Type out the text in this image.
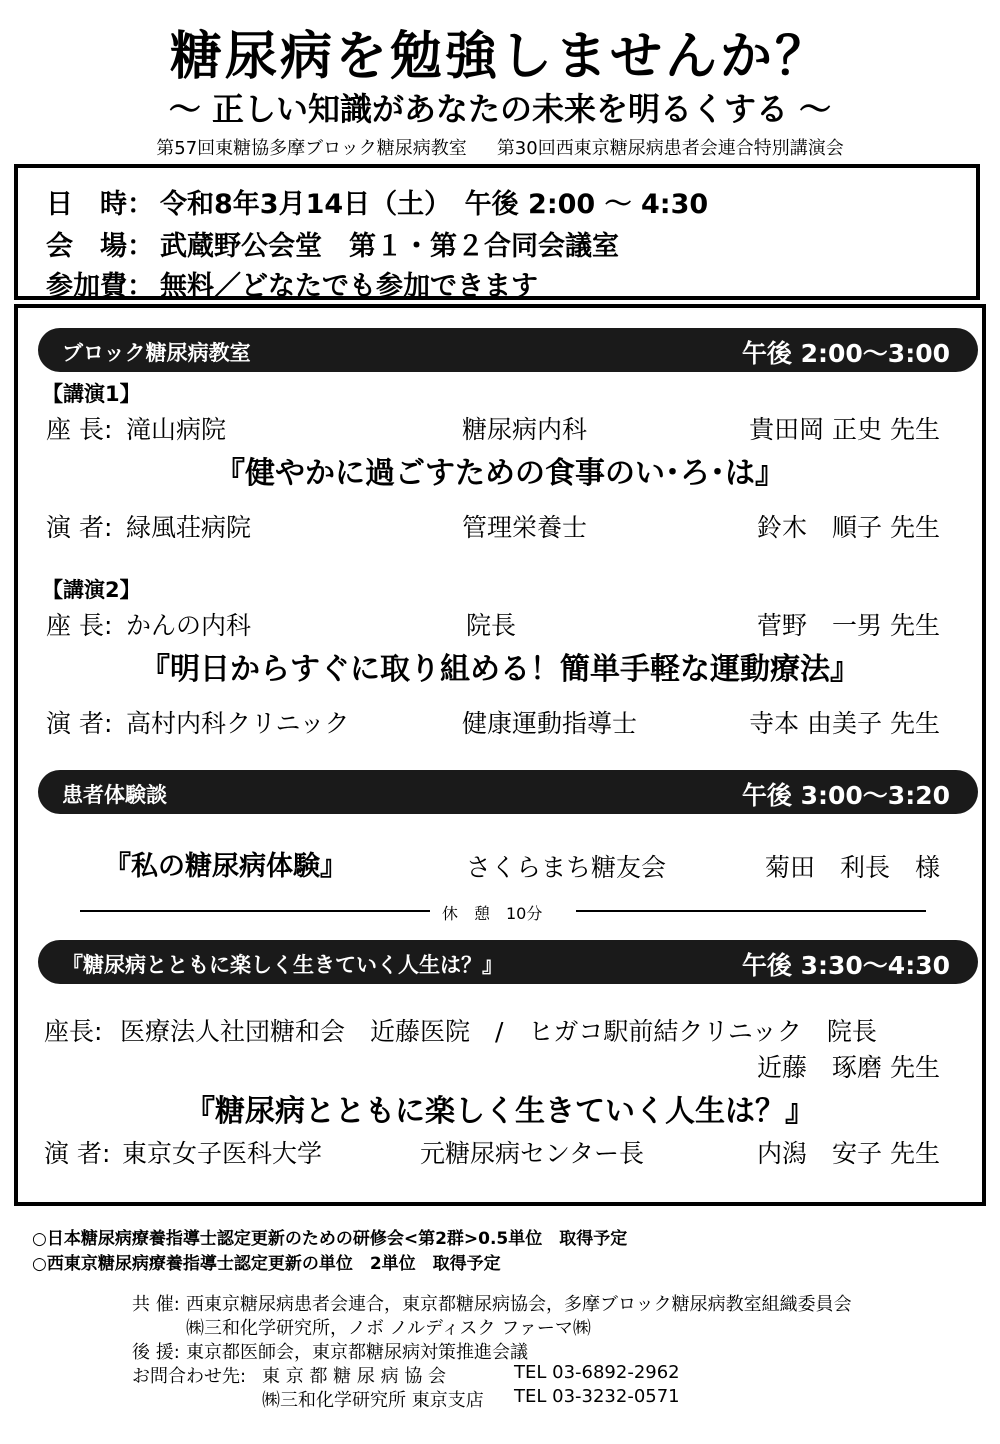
糖尿病を勉強しませんか？
～ 正しい知識があなたの未来を明るくする ～
第57回東糖協多摩ブロック糖尿病教室 第30回西東京糖尿病患者会連合特別講演会
日　時： 令和8年3月14日（土）　午後 2:00 ～ 4:30
会　場： 武蔵野公会堂　第１・第２合同会議室
参加費： 無料／どなたでも参加できます
ブロック糖尿病教室	午後 2:00～3:00
【講演1】
座 長: 滝山病院	糖尿病内科	貴田岡 正史 先生
『健やかに過ごすための食事のい･ろ･は』
演 者: 緑風荘病院	管理栄養士	鈴木　順子 先生
【講演2】
座 長: かんの内科	院長	菅野　一男 先生
『明日からすぐに取り組める！簡単手軽な運動療法』
演 者: 高村内科クリニック	健康運動指導士	寺本 由美子 先生
患者体験談	午後 3:00～3:20
『私の糖尿病体験』	さくらまち糖友会	菊田　利長　様
休　憩　10分
『糖尿病とともに楽しく生きていく人生は？』	午後 3:30～4:30
座長: 医療法人社団糖和会　近藤医院　/　ヒガコ駅前結クリニック　院長
近藤　琢磨 先生
『糖尿病とともに楽しく生きていく人生は？』
演 者: 東京女子医科大学	元糖尿病センター長	内潟　安子 先生
○日本糖尿病療養指導士認定更新のための研修会<第2群>0.5単位　取得予定
○西東京糖尿病療養指導士認定更新の単位　2単位　取得予定
共 催: 西東京糖尿病患者会連合，東京都糖尿病協会，多摩ブロック糖尿病教室組織委員会
㈱三和化学研究所，ノボ ノルディスク ファーマ㈱
後 援: 東京都医師会，東京都糖尿病対策推進会議
お問合わせ先: 東 京 都 糖 尿 病 協 会	TEL 03-6892-2962
㈱三和化学研究所 東京支店 TEL 03-3232-0571
